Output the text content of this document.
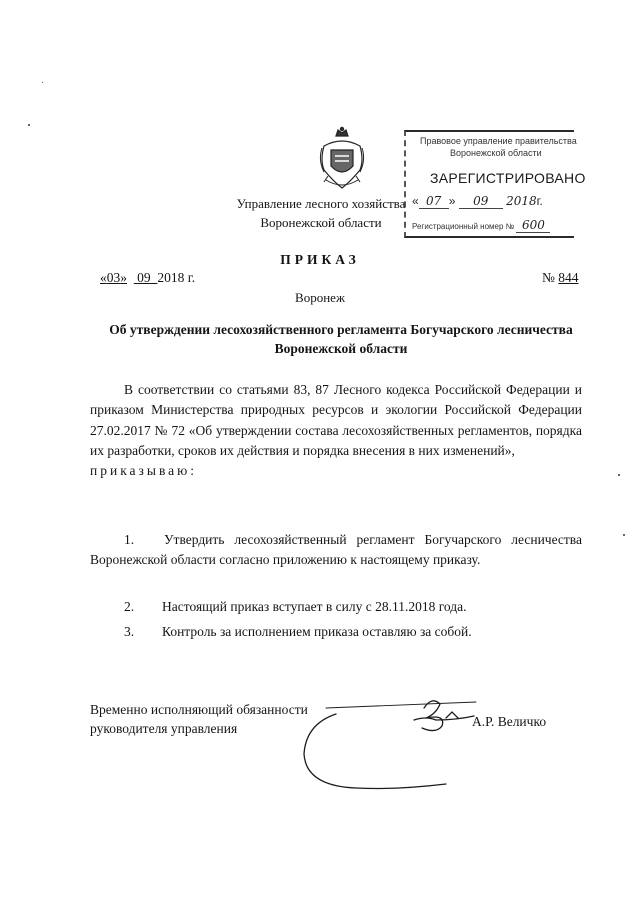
Правовое управление правительства
Воронежской области
ЗАРЕГИСТРИРОВАНО
« 07 » 09 2018г.
Регистрационный номер № 600
Управление лесного хозяйства Воронежской области
ПРИКАЗ
«03» 09 2018 г.	№ 844
Воронеж
Об утверждении лесохозяйственного регламента Богучарского лесничества Воронежской области

В соответствии со статьями 83, 87 Лесного кодекса Российской Федерации и приказом Министерства природных ресурсов и экологии Российской Федерации 27.02.2017 № 72 «Об утверждении состава лесохозяйственных регламентов, порядка их разработки, сроков их действия и порядка внесения в них изменений»,

приказываю:

1. Утвердить лесохозяйственный регламент Богучарского лесничества Воронежской области согласно приложению к настоящему приказу.
2. Настоящий приказ вступает в силу с 28.11.2018 года.
3. Контроль за исполнением приказа оставляю за собой.
Временно исполняющий обязанности руководителя управления	А.Р. Величко
